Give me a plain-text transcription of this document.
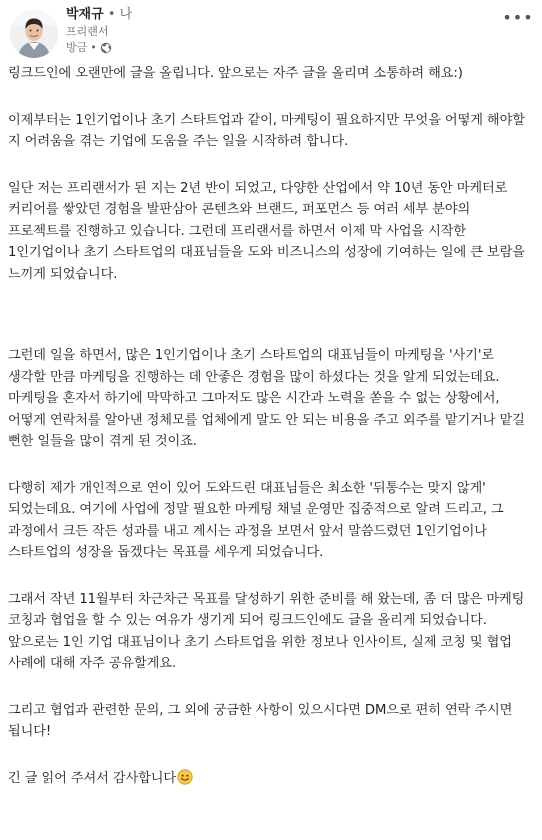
박재규 • 나
프리랜서
방금 •
•••

링크드인에 오랜만에 글을 올립니다. 앞으로는 자주 글을 올리며 소통하려 해요:)

이제부터는 1인기업이나 초기 스타트업과 같이, 마케팅이 필요하지만 무엇을 어떻게 해야할 지 어려움을 겪는 기업에 도움을 주는 일을 시작하려 합니다.

일단 저는 프리랜서가 된 지는 2년 반이 되었고, 다양한 산업에서 약 10년 동안 마케터로 커리어를 쌓았던 경험을 발판삼아 콘텐츠와 브랜드, 퍼포먼스 등 여러 세부 분야의 프로젝트를 진행하고 있습니다. 그런데 프리랜서를 하면서 이제 막 사업을 시작한 1인기업이나 초기 스타트업의 대표님들을 도와 비즈니스의 성장에 기여하는 일에 큰 보람을 느끼게 되었습니다.

그런데 일을 하면서, 많은 1인기업이나 초기 스타트업의 대표님들이 마케팅을 '사기'로 생각할 만큼 마케팅을 진행하는 데 안좋은 경험을 많이 하셨다는 것을 알게 되었는데요. 마케팅을 혼자서 하기에 막막하고 그마저도 많은 시간과 노력을 쏟을 수 없는 상황에서, 어떻게 연락처를 알아낸 정체모를 업체에게 말도 안 되는 비용을 주고 외주를 맡기거나 맡길 뻔한 일들을 많이 겪게 된 것이죠.

다행히 제가 개인적으로 연이 있어 도와드린 대표님들은 최소한 '뒤통수는 맞지 않게' 되었는데요. 여기에 사업에 정말 필요한 마케팅 채널 운영만 집중적으로 알려 드리고, 그 과정에서 크든 작든 성과를 내고 계시는 과정을 보면서 앞서 말씀드렸던 1인기업이나 스타트업의 성장을 돕겠다는 목표를 세우게 되었습니다.

그래서 작년 11월부터 차근차근 목표를 달성하기 위한 준비를 해 왔는데, 좀 더 많은 마케팅 코칭과 협업을 할 수 있는 여유가 생기게 되어 링크드인에도 글을 올리게 되었습니다. 앞으로는 1인 기업 대표님이나 초기 스타트업을 위한 정보나 인사이트, 실제 코칭 및 협업 사례에 대해 자주 공유할게요.

그리고 협업과 관련한 문의, 그 외에 궁금한 사항이 있으시다면 DM으로 편히 연락 주시면 됩니다!

긴 글 읽어 주셔서 감사합니다
